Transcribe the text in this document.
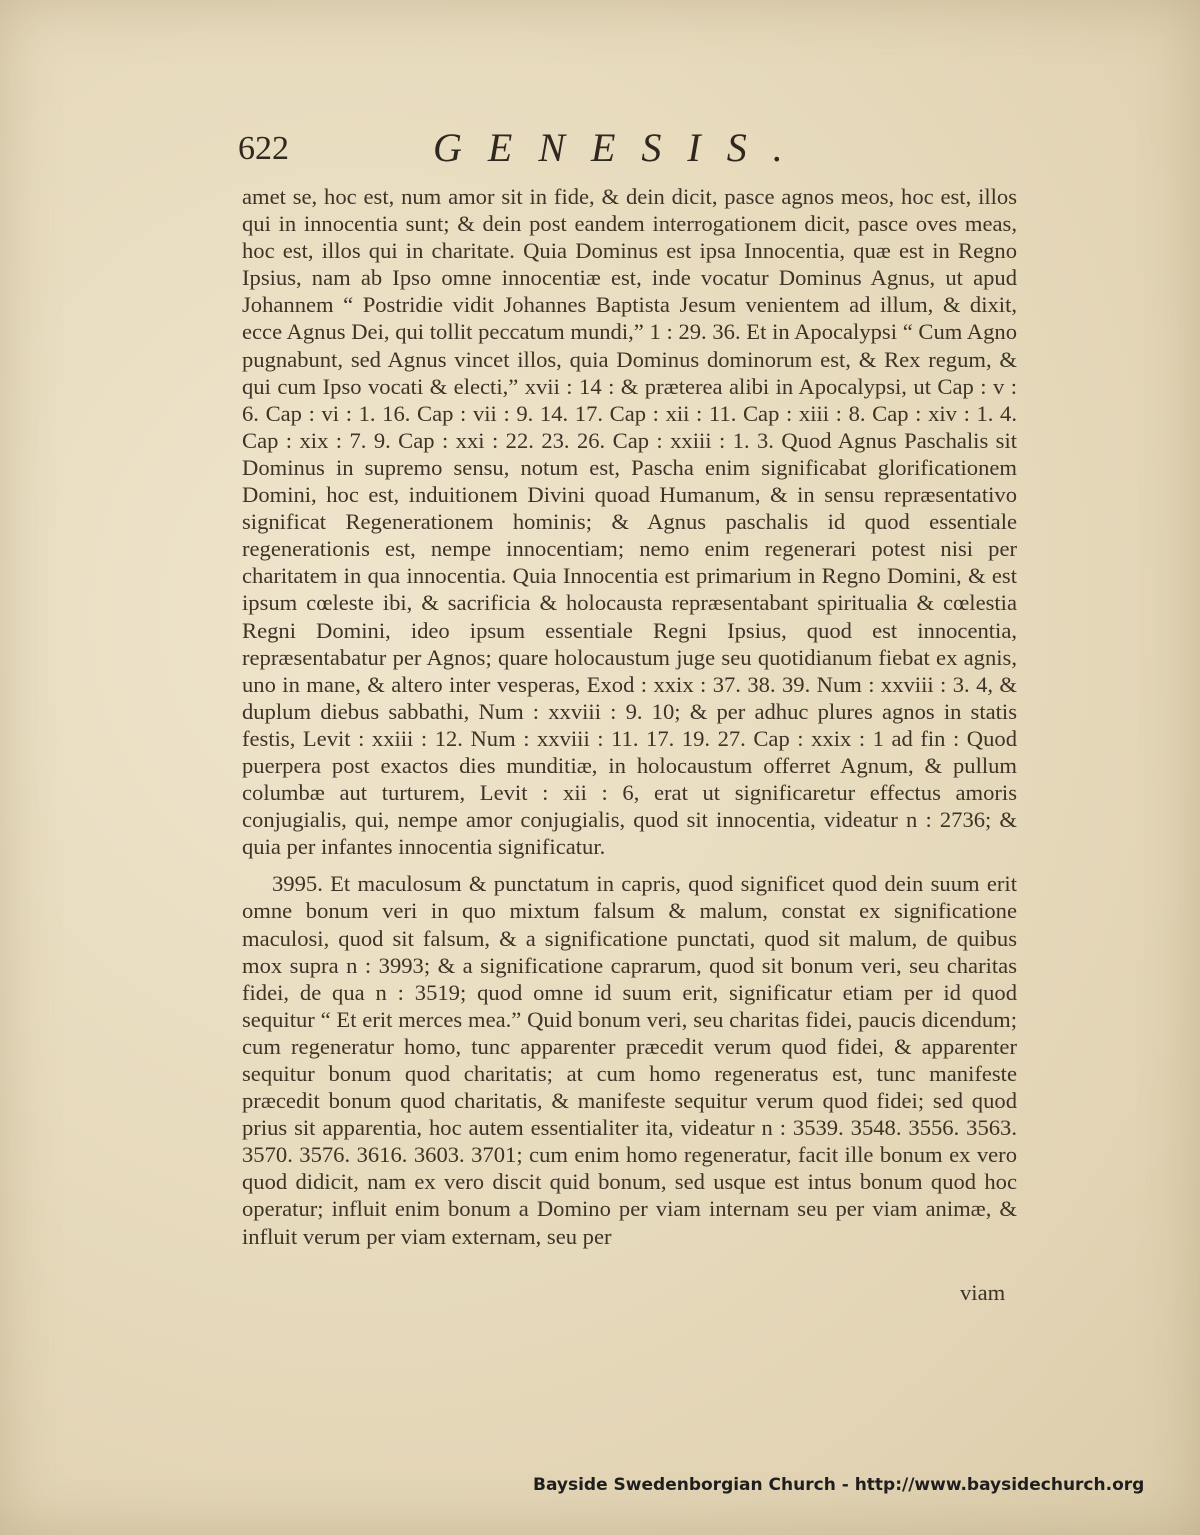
622	GENESIS.

amet se, hoc est, num amor sit in fide, & dein dicit, pasce agnos meos, hoc est, illos qui in innocentia sunt; & dein post eandem interrogationem dicit, pasce oves meas, hoc est, illos qui in charitate. Quia Dominus est ipsa Innocentia, quæ est in Regno Ipsius, nam ab Ipso omne innocentiæ est, inde vocatur Dominus Agnus, ut apud Johannem “ Postridie vidit Johannes Baptista Jesum venientem ad illum, & dixit, ecce Agnus Dei, qui tollit peccatum mundi,” 1 : 29. 36. Et in Apocalypsi “ Cum Agno pugnabunt, sed Agnus vincet illos, quia Dominus dominorum est, & Rex regum, & qui cum Ipso vocati & electi,” xvii : 14 : & præterea alibi in Apocalypsi, ut Cap : v : 6. Cap : vi : 1. 16. Cap : vii : 9. 14. 17. Cap : xii : 11. Cap : xiii : 8. Cap : xiv : 1. 4. Cap : xix : 7. 9. Cap : xxi : 22. 23. 26. Cap : xxiii : 1. 3. Quod Agnus Paschalis sit Dominus in supremo sensu, notum est, Pascha enim significabat glorificationem Domini, hoc est, induitionem Divini quoad Humanum, & in sensu repræsentativo significat Regenerationem hominis; & Agnus paschalis id quod essentiale regenerationis est, nempe innocentiam; nemo enim regenerari potest nisi per charitatem in qua innocentia. Quia Innocentia est primarium in Regno Domini, & est ipsum cœleste ibi, & sacrificia & holocausta repræsentabant spiritualia & cœlestia Regni Domini, ideo ipsum essentiale Regni Ipsius, quod est innocentia, repræsentabatur per Agnos; quare holocaustum juge seu quotidianum fiebat ex agnis, uno in mane, & altero inter vesperas, Exod : xxix : 37. 38. 39. Num : xxviii : 3. 4, & duplum diebus sabbathi, Num : xxviii : 9. 10; & per adhuc plures agnos in statis festis, Levit : xxiii : 12. Num : xxviii : 11. 17. 19. 27. Cap : xxix : 1 ad fin : Quod puerpera post exactos dies munditiæ, in holocaustum offerret Agnum, & pullum columbæ aut turturem, Levit : xii : 6, erat ut significaretur effectus amoris conjugialis, qui, nempe amor conjugialis, quod sit innocentia, videatur n : 2736; & quia per infantes innocentia significatur.

3995. Et maculosum & punctatum in capris, quod significet quod dein suum erit omne bonum veri in quo mixtum falsum & malum, constat ex significatione maculosi, quod sit falsum, & a significatione punctati, quod sit malum, de quibus mox supra n : 3993; & a significatione caprarum, quod sit bonum veri, seu charitas fidei, de qua n : 3519; quod omne id suum erit, significatur etiam per id quod sequitur “ Et erit merces mea.” Quid bonum veri, seu charitas fidei, paucis dicendum; cum regeneratur homo, tunc apparenter præcedit verum quod fidei, & apparenter sequitur bonum quod charitatis; at cum homo regeneratus est, tunc manifeste præcedit bonum quod charitatis, & manifeste sequitur verum quod fidei; sed quod prius sit apparentia, hoc autem essentialiter ita, videatur n : 3539. 3548. 3556. 3563. 3570. 3576. 3616. 3603. 3701; cum enim homo regeneratur, facit ille bonum ex vero quod didicit, nam ex vero discit quid bonum, sed usque est intus bonum quod hoc operatur; influit enim bonum a Domino per viam internam seu per viam animæ, & influit verum per viam externam, seu per

viam
Bayside Swedenborgian Church - http://www.baysidechurch.org
